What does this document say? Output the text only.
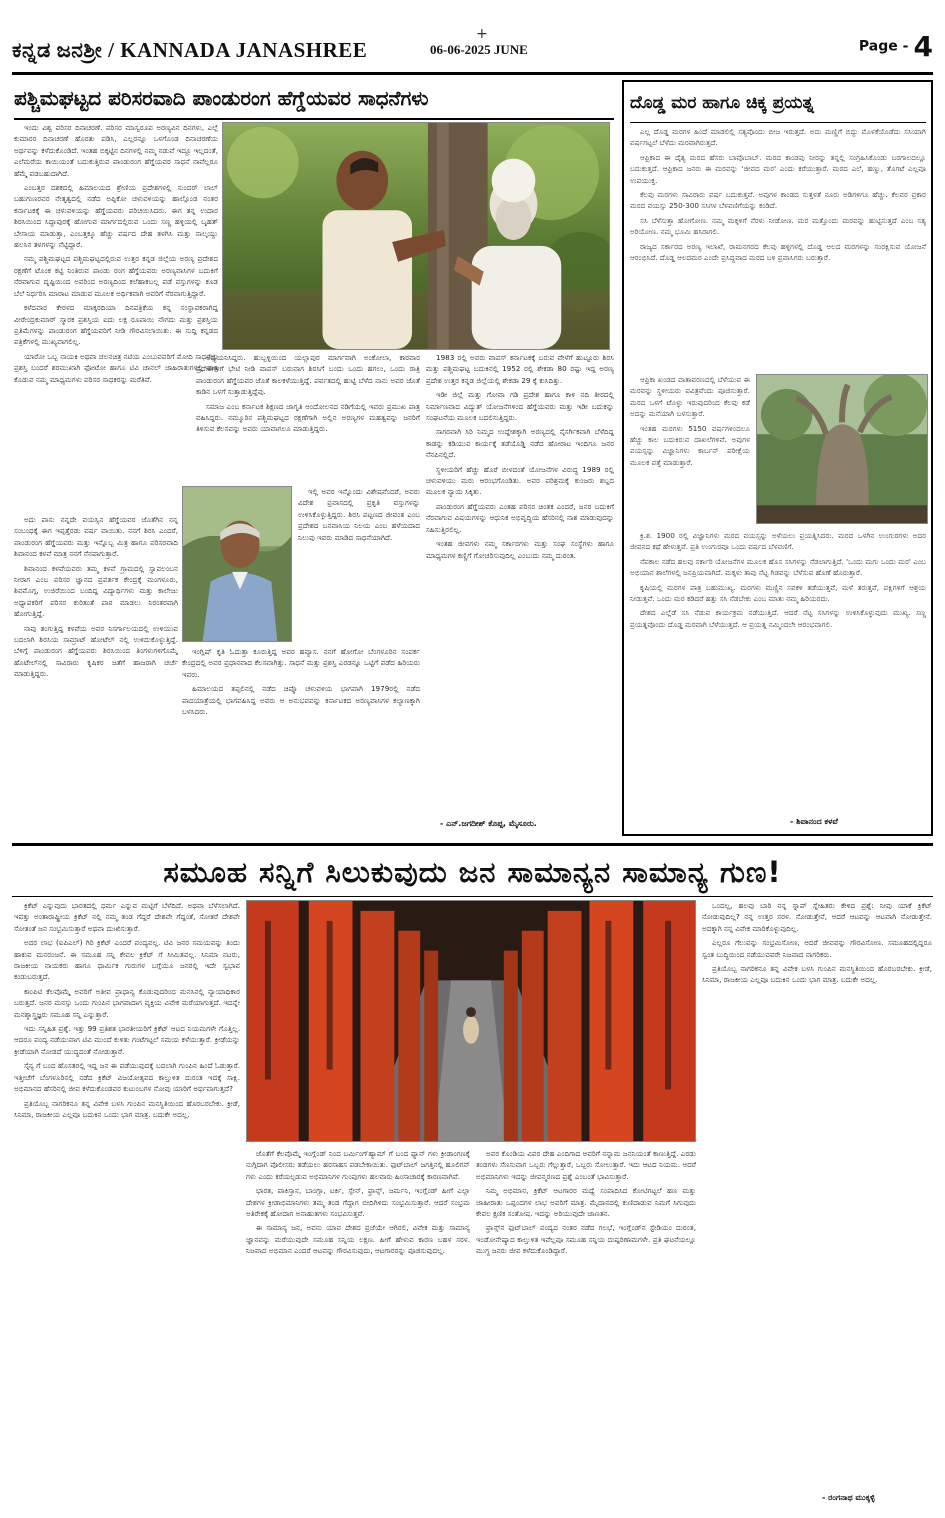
ಕನ್ನಡ ಜನಶ್ರೀ / KANNADA JANASHREE
+
06-06-2025 JUNE	Page - 4
ಪಶ್ಚಿಮಘಟ್ಟದ ಪರಿಸರವಾದಿ ಪಾಂಡುರಂಗ ಹೆಗ್ಡೆಯವರ ಸಾಧನೆಗಳು

ಇಂದು ವಿಶ್ವ ಪರಿಸರ ದಿನಾಚರಣೆ. ಪರಿಸರ ಮಾಸ್ವರೂಪ ಅರಣ್ಯವಿನ ದಿನಗಳು, ಎಲ್ಲೆ ಕುಮಾರರ ದಿನಾಚರಣೆ ಹೊರತು ಪಡಿಸಿ, ಎಲ್ಲರನ್ನೂ ಒಳಗೊಂಡ ದಿನಾಚರಣೆಯ ಅರ್ಥವನ್ನು ಕಳೆದುಕೊಂಡಿದೆ. ಇಂತಹ ಬಿಕ್ಕಟ್ಟಿನ ದಿನಗಳಲ್ಲಿ ನಮ್ಮ ನಡುವೆ ಇದ್ದೂ ಇಲ್ಲದಂತೆ, ಎಲೆಮರೆಯ ಕಾಯಿಯಂತೆ ಬದುಕುತ್ತಿರುವ ಪಾಂಡುರಂಗ ಹೆಗ್ಡೆಯವರ ಸಾಧನೆ ನಾವೆಲ್ಲರೂ ಹೆಮ್ಮೆ ಪಡಬಹುದಾಗಿದೆ.

ಎಂಬತ್ತರ ದಶಕದಲ್ಲಿ ಹಿಮಾಲಯದ ಶ್ರೇಣಿಯ ಪ್ರದೇಶಗಳಲ್ಲಿ ಸುಂದರ್ ಲಾಲ್ ಬಹುಗುಣರವರ ನೇತೃತ್ವದಲ್ಲಿ ನಡೆದ ಅಪ್ಪಿಕೋ ಚಳುವಳಿಯನ್ನು ಹಾಲ್ಗೊಂಡ ನಂತರ ಕರ್ನಾಟಕಕ್ಕೆ ಈ ಚಳುವಳಿಯನ್ನು ಹೆಗ್ಡೆಯವರು ಪರಿಚಯಿಸಿದರು. ಈಗ ತನ್ನ ಉದಾರ ಶಿರಸಿಯಿಂದ ಸಿದ್ದಾಪುರಕ್ಕೆ ಹೋಗುವ ಮಾರ್ಗದಲ್ಲಿರುವ ಒಂದು ಸಣ್ಣ ಹಳ್ಳಿಯಲ್ಲಿ ಬೃಹತ್ ಬೇಸಾಯ ಮಾಡುತ್ತಾ, ಎಂಬತ್ತಕ್ಕೂ ಹೆಚ್ಚು ವರ್ಷದ ದೇಹ ತಳಗಿಸಿ ಮತ್ತು ನಾಲ್ಕಯ್ದು ಹಲಸಿನ ತಳಗಳನ್ನು ನೆಟ್ಟಿದ್ದಾರೆ.

ನಮ್ಮ ಪಶ್ಚಿಮಘಟ್ಟದ ಪಶ್ಚಿಮಘಟ್ಟದಲ್ಲಿರುವ ಉತ್ತರ ಕನ್ನಡ ಜಿಲ್ಲೆಯ ಅರಣ್ಯ ಪ್ರದೇಶದ ರಕ್ಷಣೆಗೆ ಟೊಂಕ ಕಟ್ಟಿ ನಿಂತಿರುವ ಪಾಂಡು ರಂಗ ಹೆಗ್ಡೆಯವರು ಅರಣ್ಯವಾಸಿಗಳ ಬದುಕಿಗೆ ನೆರವಾಗುವ ದೃಷ್ಟಿಯಿಂದ ಅವರಿಂದ ಅರಣ್ಯದಿಂದ ಕಲೆಹಾಕಬಲ್ಲ ಪಡೆ ವಸ್ತುಗಳನ್ನು ಕೂಡ ಬೆಲೆ ನಿರ್ಧರಿಸಿ ಮಾರಾಟ ಮಾಡುವ ಮೂಲಕ ಅರ್ಥಿಕವಾಗಿ ಅವರಿಗೆ ನೆರವಾಗುತ್ತಿದ್ದಾರೆ.

ಕಳೆದವಾರ ಕೇರಳದ ಮಾಕ್ಕರದಿಯಾ ದಿನಪತ್ರಿಕೆಯ ಕನ್ನ ಸಂಸ್ಥಾಪಕರಾಗಿದ್ದ ವೀರೇಂದ್ರಕುಮಾರ್ ಸ್ಮಾರಕ ಪ್ರಶಸ್ತಿಯ ಐದು ಲಕ್ಷ ರೂಪಾಯಿ ನೌಗದು ಮತ್ತು ಪ್ರಶಸ್ತಿಯ ಪ್ರತಿಮೆಗಳನ್ನು ಪಾಂಡುರಂಗ ಹೆಗ್ಡೆಯವರಿಗೆ ನೀಡಿ ಗೌರವಿಸಲಾಯಿತು. ಈ ಸುದ್ದಿ ಕನ್ನಡದ ಪತ್ರಿಕೆಗಳಲ್ಲಿ ಮುಖ್ಯವಾಗಲಿಲ್ಲ.

ಯಾರೋ ಒಬ್ಬ ನಾಯಕಿ ಅಥವಾ ಚಲನಚಿತ್ರ ನಟಿಯ ಎಂಬುವವರಿಗೆ ಮೋದಿ ಸಾಧನೆಯ ಪ್ರಶಸ್ತಿ ಬಂದರೆ ಶರಮುಖಾಗಿ ಫೋಟೋ ಹಾಗೂ ಟಿವಿ ಚಾನಲ್ ಜಾಹಿರಾತುಗಳಲ್ಲಿ ಪಾತ್ರ ಕೊಡುವ ನಮ್ಮ ಮಾಧ್ಯಮಗಳು ಪರಿಸರ ಸಾಧಕರನ್ನು ಮರೆತಿವೆ.

ಅದು ಪಾಸು ನನ್ನದೇ ವಯಸ್ಸಿನ ಹೆಗ್ಡೆಯವರ ಜೊತೆಗಿನ ನನ್ನ ಸಂಬಂಧಕ್ಕೆ ಈಗ ಇಪ್ಪತ್ತೆರಡು ವರ್ಷ ವಾಯಿತು. ನನಗೆ ಶಿರಸಿ ಎಂದರೆ, ಪಾಂಡುರಂಗ ಹೆಗ್ಡೆಯವರು ಮತ್ತು ಇನ್ನೊಬ್ಬ ಮಿತ್ರ ಹಾಗೂ ಪರಿಸರವಾದಿ ಶಿವಾನಂದ ಕಳವೆ ಮಾತ್ರ ನನಗೆ ನೆನಪಾಗುತ್ತಾರೆ.

ಶಿವಾನಂದ ಕಳವೆಯವರು ತಮ್ಮ ಕಳವೆ ಗ್ರಾಮದಲ್ಲಿ ಸ್ವಾವಲಂಬನ ನೀರಾಗ ಎಂಬ ಪರಿಸರ ಜ್ಞಾನದ ಪ್ರವರ್ತಕ ಕೇಂದ್ರಕ್ಕೆ ಮಂಗಳೂರು, ಶಿವಮೊಗ್ಗ, ಉಜಿರೆಯಿಂದ ಬಂದಿದ್ದ ವಿದ್ಯಾರ್ಥಿಗಳು ಮತ್ತು ಕಾಲೇಜು ಅಧ್ಯಾಪಕರಿಗೆ ಪರಿಸರ ಕುರಿತಂತೆ ಪಾಠ ಮಾಡಲು ನಿರಂತರವಾಗಿ ಹೋಗುತ್ತಿದ್ದೆ.

ನಾವು ತಂಗುತ್ತಿದ್ದ ಕಳವೆಯ ಅವರ ನಿಸರ್ಗಾಲಯದಲ್ಲಿ ಉಳಿಯುವ ಬದಲಾಗಿ ಶಿರಸಿಯ ಸಾಮ್ರಾಟ್ ಹೋಟೆಲ್ ನಲ್ಲಿ ಉಳಿದುಕೊಳ್ಳುತ್ತಿದ್ದೆ. ಬೆಳಿಗ್ಗೆ ಪಾಂಡುರಂಗ ಹೆಗ್ಡೆಯವರು ಶಿರಸಿಯಿಂದ ತಿಂಗಳುಗಳಿಗೊಮ್ಮೆ ಹೊಟೇಲ್‌ನಲ್ಲಿ ಸಾವಿರಾರು ಕೃಷಿಕರ ಜತೆಗೆ ಹಾಜರಾಗಿ ಚರ್ಚೆ ಮಾಡುತ್ತಿದ್ದರು.

ಅಧ್ಯಯನಿಸಿದ್ದರು. ಹುಬ್ಬಳ್ಳಿಯಿಂದ ಯಲ್ಲಾಪುರ ಮಾರ್ಗವಾಗಿ ಅಂಕೋಲಾ, ಕಾರವಾರ ಪ್ರದೇಶಗಳಿಗೆ ಭೇಟಿ ನೀಡಿ ವಾಪಸ್ ಬರುವಾಗ ಶಿರಸಿಗೆ ಬಂದು ಒಂದು ಹಗಲು, ಒಂದು ರಾತ್ರಿ ಪಾಂಡುರಂಗ ಹೆಗ್ಡೆಯವರ ಜೊತೆ ಕಾಲಕಳೆಯುತ್ತಿದ್ದೆ. ಪರ್ವತದಲ್ಲಿ ಹುಟ್ಟಿ ಬೆಳೆದ ನಾನು ಅವರ ಜೊತೆ ಕಾಡಿನ ಒಳಗೆ ಸುತ್ತಾಡುತ್ತಿದ್ದೆವು.

ಸಮಾಜ ಎಂಬ ಕರ್ನಾಟಕ ಶಿಕ್ಷಣದ ಜಾಗೃತಿ ಆಂದೋಲನದ ನಡಿಗೆಯಲ್ಲಿ ಇವರು ಪ್ರಮುಖ ಪಾತ್ರ ವಹಿಸಿದ್ದರು. ನಮ್ಮೂರಿನ ಪಶ್ಚಿಮಘಟ್ಟದ ರಕ್ಷಣೆಗಾಗಿ ಅಲ್ಲಿನ ಅರಣ್ಯಗಳ ಮಹತ್ವವನ್ನು ಜನರಿಗೆ ತಿಳಿಸುವ ಕೆಲಸವನ್ನು ಅವರು ಯಾವಾಗಲೂ ಮಾಡುತ್ತಿದ್ದರು.

ಇಲ್ಲಿ ಅವರ ಇನ್ನೊಂದು ವಿಶೇಷವೆಂದರೆ, ಅವರು ವಿದೇಶ ಪ್ರವಾಸದಲ್ಲಿ ಪ್ರಕೃತಿ ವಸ್ತುಗಳನ್ನು ಉಳಿಸಿಕೊಳ್ಳುತ್ತಿದ್ದರು. ಶಿರಸಿ ಪಟ್ಟಣದ ಜೀವಂತ ಎಂಬ ಪ್ರದೇಶದ ಬನವಾಸಿಯ ನಿಲಯ ಎಂಬ ಹಳೆಯದಾದ ನಿಲುವು ಇವರು ಮಾಡಿದ ಸಾಧನೆಯಾಗಿದೆ.

ಇಂಗ್ಲಿಷ್ ಕೃತಿ ಓದುತ್ತಾ ಕೂರುತ್ತಿದ್ದ ಅವರ ಹವ್ಯಾಸ. ನನಗೆ ಹೋಗೋ ಬೆಂಗಳೂರಿನ ಸಂಪರ್ಕ ಕೇಂದ್ರದಲ್ಲಿ ಅವರ ಪ್ರಧಾನವಾದ ಕೆಲಸವಾಗಿತ್ತು. ಸಾಧನೆ ಮತ್ತು ಪ್ರಶಸ್ತಿ ಎರಡನ್ನೂ ಒಟ್ಟಿಗೆ ಪಡೆದ ಹಿರಿಯರು ಇವರು.

ಹಿಮಾಲಯದ ತಪ್ಪಲಿನಲ್ಲಿ ನಡೆದ ಚಿಪ್ಕೊ ಚಳುವಳಿಯ ಭಾಗವಾಗಿ 1979ರಲ್ಲಿ ನಡೆದ ಪಾದಯಾತ್ರೆಯಲ್ಲಿ ಭಾಗವಹಿಸಿದ್ದ ಅವರು ಆ ಅನುಭವವನ್ನು ಕರ್ನಾಟಕದ ಅರಣ್ಯವಾಸಿಗಳ ಕಲ್ಯಾಣಕ್ಕಾಗಿ ಬಳಸಿದರು.

1983 ರಲ್ಲಿ ಅವರು ವಾಪಸ್ ಕರ್ನಾಟಕಕ್ಕೆ ಬರುವ ವೇಳೆಗೆ ಹುಟ್ಟೂರು ಶಿರಸಿ ಮತ್ತು ಪಶ್ಚಿಮಘಟ್ಟ ಬದುಕಿನಲ್ಲಿ 1952 ರಲ್ಲಿ ಶೇಕಡಾ 80 ರಷ್ಟು ಇದ್ದ ಅರಣ್ಯ ಪ್ರದೇಶ ಉತ್ತರ ಕನ್ನಡ ಜಿಲ್ಲೆಯಲ್ಲಿ ಶೇಕಡಾ 29 ಕ್ಕೆ ಕುಸಿದಿತ್ತು.

ಇಡೀ ಜಿಲ್ಲೆ ಮತ್ತು ಗೋವಾ ಗಡಿ ಪ್ರದೇಶ ಹಾಗೂ ಕಾಳಿ ನದಿ ತೀರದಲ್ಲಿ ನಿರ್ಮಾಣವಾದ ವಿದ್ಯುತ್ ಯೋಜನೆಗಳಿಂದ ಹೆಗ್ಡೆಯವರು ಮತ್ತು ಇಡೀ ಬದುಕನ್ನು ಸಂಘಟನೆಯ ಮೂಲಕ ಬದಲಿಸುತ್ತಿದ್ದರು.

ಸಾಗರವಾಗಿ ಸಿರಿ ನಿಮ್ಮದ ಉದ್ದೇಶಕ್ಕಾಗಿ ಅರಣ್ಯದಲ್ಲಿ ನೈಸರ್ಗಿಕವಾಗಿ ಬೆಳೆದಿದ್ದ ಕಾಡನ್ನು ಕಡಿಯುವ ಕಾರ್ಯಕ್ಕೆ ತಡೆಯೊಡ್ಡಿ ನಡೆದ ಹೋರಾಟ ಇಂದಿಗೂ ಜನರ ನೆನಪಿನಲ್ಲಿದೆ.

ಸ್ಥಳೀಯರಿಗೆ ಹೆಚ್ಚು ಹೊರೆ ಬೀಳದಂತೆ ಯೋಜನೆಗಳ ವಿರುದ್ಧ 1989 ರಲ್ಲಿ ಚಳುವಳಿಯು ಮರು ಆರಂಭಗೊಂಡಿತು. ಅವರ ಪರಿಶ್ರಮಕ್ಕೆ ಕುಂಜರು ಶಬ್ದದ ಮೂಲಕ ನ್ಯಾಯ ಸಿಕ್ಕಿತು.

ಪಾಂಡುರಂಗ ಹೆಗ್ಡೆಯವರು ಎಂತಹ ಪರಿಸರ ಚಿಂತಕ ಎಂದರೆ, ಜನರ ಬದುಕಿಗೆ ನೆರವಾಗುವ ವಿಷಯಗಳನ್ನು ಆಧುನಿಕ ಅಭಿವೃದ್ಧಿಯ ಹೆಸರಿನಲ್ಲಿ ನಾಶ ಮಾಡುವುದನ್ನು ಸಹಿಸುತ್ತಿರಲಿಲ್ಲ.

ಇಂತಹ ಜೀವಗಳು ನಮ್ಮ ಸರ್ಕಾರಗಳು ಮತ್ತು ಸಂಘ ಸಂಸ್ಥೆಗಳು ಹಾಗೂ ಮಾಧ್ಯಮಗಳ ಕಣ್ಣಿಗೆ ಗೋಚರಿಸುವುದಿಲ್ಲ ಎಂಬುದು ನಮ್ಮ ದುರಂತ.

- ಎನ್.ಜಗದೀಶ್ ಕೊಪ್ಪ, ಮೈಸೂರು.
ದೊಡ್ಡ ಮರ ಹಾಗೂ ಚಿಕ್ಕ ಪ್ರಯತ್ನ

ಎಲ್ಲ ದೊಡ್ಡ ಮರಗಳ ಹಿಂದೆ ಮಾಡಲಿಲ್ಲಿ ಸತ್ಯವೊಂದು ಬೀಜ ಇರುತ್ತದೆ. ಅದು ಮಣ್ಣಿಗೆ ಬಿದ್ದು ಮೊಳಕೆಯೊಡೆದು ಸಸಿಯಾಗಿ ವರ್ಷಗಟ್ಟಲೆ ಬೆಳೆದು ಮರವಾಗಿರುತ್ತದೆ.

ಆಫ್ರಿಕಾದ ಈ ದೈತ್ಯ ಮರದ ಹೆಸರು ಬಾವೊಬಾಬ್. ಮರದ ಕಾಂಡವು ನೀರನ್ನು ತನ್ನಲ್ಲಿ ಸಂಗ್ರಹಿಸಿಕೊಂಡು ಬರಗಾಲದಲ್ಲೂ ಬದುಕುತ್ತದೆ. ಆಫ್ರಿಕಾದ ಜನರು ಈ ಮರವನ್ನು 'ಜೀವದ ಮರ' ಎಂದು ಕರೆಯುತ್ತಾರೆ. ಮರದ ಎಲೆ, ಹಣ್ಣು, ತೊಗಟೆ ಎಲ್ಲವೂ ಉಪಯುಕ್ತ.

ಕೆಲವು ಮರಗಳು ಸಾವಿರಾರು ವರ್ಷ ಬದುಕುತ್ತವೆ. ಅವುಗಳ ಕಾಂಡದ ಸುತ್ತಳತೆ ನೂರು ಅಡಿಗಳಿಗೂ ಹೆಚ್ಚು. ಕೆಲವರ ಪ್ರಕಾರ ಮರದ ವಯಸ್ಸು 250-300 ಸಸಿಗಳ ಬೆಳವಣಿಗೆಯನ್ನು ಕಂಡಿದೆ.

ಸಸಿ ಬೆಳೆಸುತ್ತಾ ಹೋಗೋಣ. ನಮ್ಮ ಮಕ್ಕಳಿಗೆ ನೆರಳು ನೀಡೋಣ. ಮರ ಮತ್ತೊಂದು ಮರವನ್ನು ಹುಟ್ಟಿಸುತ್ತದೆ ಎಂಬ ಸತ್ಯ ಅರಿಯೋಣ. ನಮ್ಮ ಭೂಮಿ ಹಸಿರಾಗಲಿ.

ರಾಜ್ಯದ ಸರ್ಕಾರದ ಅರಣ್ಯ ಇಲಾಖೆ, ರಾಮನಗರದ ಕೆಲವು ಹಳ್ಳಿಗಳಲ್ಲಿ ದೊಡ್ಡ ಆಲದ ಮರಗಳನ್ನು ಸಂರಕ್ಷಿಸುವ ಯೋಜನೆ ಆರಂಭಿಸಿದೆ. ದೊಡ್ಡ ಆಲದಮರ ಎಂದೇ ಪ್ರಸಿದ್ಧವಾದ ಮರದ ಬಳಿ ಪ್ರವಾಸಿಗರು ಬರುತ್ತಾರೆ.

ಆಫ್ರಿಕಾ ಖಂಡದ ವಾತಾವರಣದಲ್ಲಿ ಬೆಳೆಯುವ ಈ ಮರವನ್ನು ಸ್ಥಳೀಯರು ಪವಿತ್ರವೆಂದು ಪೂಜಿಸುತ್ತಾರೆ. ಮರದ ಒಳಗೆ ಟೊಳ್ಳು ಇರುವುದರಿಂದ ಕೆಲವು ಕಡೆ ಅದನ್ನು ಮನೆಯಾಗಿ ಬಳಸುತ್ತಾರೆ.

ಇಂತಹ ಮರಗಳು 5150 ವರ್ಷಗಳಿಂದಲೂ ಹೆಚ್ಚು ಕಾಲ ಬದುಕಿರುವ ದಾಖಲೆಗಳಿವೆ. ಅವುಗಳ ವಯಸ್ಸನ್ನು ವಿಜ್ಞಾನಿಗಳು ಕಾರ್ಬನ್ ಪರೀಕ್ಷೆಯ ಮೂಲಕ ಪತ್ತೆ ಮಾಡುತ್ತಾರೆ.

ಕ್ರಿ.ಶ. 1900 ರಲ್ಲಿ ವಿಜ್ಞಾನಿಗಳು ಮರದ ವಯಸ್ಸನ್ನು ಅಳೆಯಲು ಪ್ರಯತ್ನಿಸಿದರು. ಮರದ ಒಳಗಿನ ಉಂಗುರಗಳು ಅದರ ಜೀವನದ ಕಥೆ ಹೇಳುತ್ತವೆ. ಪ್ರತಿ ಉಂಗುರವೂ ಒಂದು ವರ್ಷದ ಬೆಳವಣಿಗೆ.

ನೆಪಕಾಲ ನಡೆದ ಹಲವು ಸರ್ಕಾರಿ ಯೋಜನೆಗಳ ಮೂಲಕ ಹೊಸ ಸಸಿಗಳನ್ನು ನೆಡಲಾಗುತ್ತಿದೆ. 'ಒಂದು ಮಗು ಒಂದು ಮರ' ಎಂಬ ಅಭಿಯಾನ ಶಾಲೆಗಳಲ್ಲಿ ಜನಪ್ರಿಯವಾಗಿದೆ. ಮಕ್ಕಳು ತಾವು ನೆಟ್ಟ ಗಿಡವನ್ನು ಬೆಳೆಸುವ ಹೊಣೆ ಹೊರುತ್ತಾರೆ.

ಕೃಷಿಯಲ್ಲಿ ಮರಗಳ ಪಾತ್ರ ಬಹುಮುಖ್ಯ. ಮರಗಳು ಮಣ್ಣಿನ ಸವಕಳಿ ತಡೆಯುತ್ತವೆ, ಮಳೆ ತರುತ್ತವೆ, ಪಕ್ಷಿಗಳಿಗೆ ಆಶ್ರಯ ನೀಡುತ್ತವೆ. ಒಂದು ಮರ ಕಡಿದರೆ ಹತ್ತು ಸಸಿ ನೆಡಬೇಕು ಎಂಬ ಮಾತು ನಮ್ಮ ಹಿರಿಯರದು.

ದೇಶದ ಎಲ್ಲೆಡೆ ಸಸಿ ನೆಡುವ ಕಾರ್ಯಕ್ರಮ ನಡೆಯುತ್ತಿದೆ. ಆದರೆ ನೆಟ್ಟ ಸಸಿಗಳನ್ನು ಉಳಿಸಿಕೊಳ್ಳುವುದು ಮುಖ್ಯ. ಸಣ್ಣ ಪ್ರಯತ್ನವೊಂದು ದೊಡ್ಡ ಮರವಾಗಿ ಬೆಳೆಯುತ್ತದೆ. ಆ ಪ್ರಯತ್ನ ನಮ್ಮಿಂದಲೇ ಆರಂಭವಾಗಲಿ.

- ಶಿವಾನಂದ ಕಳವೆ
ಸಮೂಹ ಸನ್ನಿಗೆ ಸಿಲುಕುವುದು ಜನ ಸಾಮಾನ್ಯನ ಸಾಮಾನ್ಯ ಗುಣ!

ಕ್ರಿಕೆಟ್ ಎನ್ನುವುದು ಭಾರತದಲ್ಲಿ ಧರ್ಮ ಎನ್ನುವ ಮಟ್ಟಿಗೆ ಬೆಳೆದಿದೆ. ಅಥವಾ ಬೆಳೆಸಲಾಗಿದೆ. ಇವತ್ತು ಅಂತಾರಾಷ್ಟ್ರೀಯ ಕ್ರಿಕೆಟ್ ನಲ್ಲಿ ನಮ್ಮ ತಂಡ ಗೆದ್ದರೆ ದೇಶವೇ ಗೆದ್ದಂತೆ, ಸೋತರೆ ದೇಶವೇ ಸೋತಂತೆ ಜನ ಸಂಭ್ರಮಿಸುತ್ತಾರೆ ಅಥವಾ ದುಃಖಿಸುತ್ತಾರೆ.

ಅದರ ಲಾಭ (ಐಪಿಎಲ್) ಗಿರಿ ಕ್ರಿಕೆಟ್ ಎಂದರೆ ಪಂದ್ಯವಲ್ಲ. ಟಿವಿ ಜನರ ಸಮಯವನ್ನು ತಿಂದು ಹಾಕುವ ಮನರಂಜನೆ. ಈ ಸಮೂಹ ಸನ್ನಿ ಕೇವಲ ಕ್ರಿಕೆಟ್ ಗೆ ಸೀಮಿತವಲ್ಲ. ಸಿನಿಮಾ ನಟರು, ರಾಜಕೀಯ ನಾಯಕರು ಹಾಗೂ ಧಾರ್ಮಿಕ ಗುರುಗಳ ಬಗ್ಗೆಯೂ ಜನರಲ್ಲಿ ಇದೇ ಸ್ವಭಾವ ಕಂಡುಬರುತ್ತದೆ.

ಕಾಂಪಿಟಿ ಕೆಲವೊಮ್ಮೆ ಅವರಿಗೆ ಅತೀವ ಪ್ರಾಧಾನ್ಯ ಕೊಡುವುದರಿಂದ ಮನಸಿನಲ್ಲಿ ನ್ಯಾಯಾಧಿಕಾರ ಬರುತ್ತದೆ. ಜನರ ಮನಸ್ಸು ಒಂದು ಗುಂಪಿನ ಭಾಗವಾದಾಗ ವ್ಯಕ್ತಿಯ ವಿವೇಕ ಮರೆಯಾಗುತ್ತದೆ. ಇದನ್ನೇ ಮನಶ್ಶಾಸ್ತ್ರಜ್ಞರು ಸಮೂಹ ಸನ್ನಿ ಎನ್ನುತ್ತಾರೆ.

ಇದು ಸನ್ನಿಹಿತ ಪ್ರಶ್ನೆ. ಇತ್ತು 99 ಪ್ರತಿಶತ ಭಾರತೀಯರಿಗೆ ಕ್ರಿಕೆಟ್ ಆಟದ ನಿಯಮಗಳೇ ಗೊತ್ತಿಲ್ಲ. ಆದರೂ ಪಂದ್ಯ ನಡೆಯುವಾಗ ಟಿವಿ ಮುಂದೆ ಕುಳಿತು ಗಂಟೆಗಟ್ಟಲೆ ಸಮಯ ಕಳೆಯುತ್ತಾರೆ. ಕ್ರೀಡೆಯನ್ನು ಕ್ರೀಡೆಯಾಗಿ ನೋಡದೆ ಯುದ್ಧದಂತೆ ನೋಡುತ್ತಾರೆ.

ಸೈನ್ಯ ಗೆ ಬಂದ ಹೊಸತರಲ್ಲಿ ಇದ್ದ ಜನ ಈ ಪಡೆಯುವುದಕ್ಕೆ ಬದಲಾಗಿ ಗುಂಪಿನ ಹಿಂದೆ ಓಡುತ್ತಾರೆ. ಇತ್ತೀಚೆಗೆ ಬೆಂಗಳೂರಿನಲ್ಲಿ ನಡೆದ ಕ್ರಿಕೆಟ್ ವಿಜಯೋತ್ಸವದ ಕಾಲ್ತುಳಿತ ದುರಂತ ಇದಕ್ಕೆ ಸಾಕ್ಷಿ. ಅಭಿಮಾನದ ಹೆಸರಿನಲ್ಲಿ ಜೀವ ಕಳೆದುಕೊಂಡವರ ಕುಟುಂಬಗಳ ನೋವು ಯಾರಿಗೆ ಅರ್ಥವಾಗುತ್ತದೆ?

ಪ್ರತಿಯೊಬ್ಬ ನಾಗರಿಕನೂ ತನ್ನ ವಿವೇಕ ಬಳಸಿ ಗುಂಪಿನ ಮನಸ್ಥಿತಿಯಿಂದ ಹೊರಬರಬೇಕು. ಕ್ರೀಡೆ, ಸಿನಿಮಾ, ರಾಜಕೀಯ ಎಲ್ಲವೂ ಬದುಕಿನ ಒಂದು ಭಾಗ ಮಾತ್ರ. ಬದುಕೇ ಅದಲ್ಲ.

ಜೊತೆಗೆ ಕೆಲವೊಮ್ಮೆ ಇಂಗ್ಲೆಂಡ್ ನಿಂದ ಬರ್ಮಿಂಗ್‌ಹ್ಯಾಮ್ ಗೆ ಬಂದ ಫ್ಯಾನ್ ಗಳು ಕ್ರೀಡಾಂಗಣಕ್ಕೆ ನುಗ್ಗಿದಾಗ ಪೊಲೀಸರು ತಡೆಯಲು ಹರಸಾಹಸ ಪಡಬೇಕಾಯಿತು. ಫುಟ್‌ಬಾಲ್ ಜಗತ್ತಿನಲ್ಲಿ ಹೂಲಿಗನ್ ಗಳು ಎಂದು ಕರೆಯಲ್ಪಡುವ ಅಭಿಮಾನಿಗಳ ಗುಂಪುಗಳು ಹಲವಾರು ಹಿಂಸಾಚಾರಕ್ಕೆ ಕಾರಣವಾಗಿವೆ.

ಭಾರತ, ಪಾಕಿಸ್ತಾನ, ಬಾಂಗ್ಲಾ, ಟರ್ಕಿ, ಸ್ಪೇನ್, ಫ್ರಾನ್ಸ್, ಜರ್ಮನಿ, ಇಂಗ್ಲೆಂಡ್ ಹೀಗೆ ಎಲ್ಲಾ ದೇಶಗಳ ಕ್ರೀಡಾಭಿಮಾನಿಗಳು ತಮ್ಮ ತಂಡ ಗೆದ್ದಾಗ ಬೀದಿಗಿಳಿದು ಸಂಭ್ರಮಿಸುತ್ತಾರೆ. ಆದರೆ ಸಂಭ್ರಮ ಅತಿರೇಕಕ್ಕೆ ಹೋದಾಗ ಅನಾಹುತಗಳು ಸಂಭವಿಸುತ್ತವೆ.

ಈ ಸಾಮಾನ್ಯ ಜನ, ಅವನು ಯಾವ ದೇಶದ ಪ್ರಜೆಯೇ ಆಗಿರಲಿ, ವಿವೇಕ ಮತ್ತು ಸಾಮಾನ್ಯ ಜ್ಞಾನವನ್ನು ಮರೆಯುವುದೇ ಸಮೂಹ ಸನ್ನಿಯ ಲಕ್ಷಣ. ಹೀಗೆ ಹೇಳುವ ಕಾರಣ ಬಹಳ ಸರಳ. ನಿಜವಾದ ಅಭಿಮಾನ ಎಂದರೆ ಆಟವನ್ನು ಗೌರವಿಸುವುದು, ಆಟಗಾರರನ್ನು ಪೂಜಿಸುವುದಲ್ಲ.

ಅವರ ಕೊಂಡಿಯ ವಿವರ ದೇಹ ಎಂದಿಗಾದ ಅವರಿಗೆ ನನ್ನಾಮ ಜನನಿಯಂತೆ ಕಾಣುತ್ತಿದ್ದೆ. ಎರಡು ತಂಡಗಳು ಸೆಣಸುವಾಗ ಒಬ್ಬರು ಗೆಲ್ಲುತ್ತಾರೆ, ಒಬ್ಬರು ಸೋಲುತ್ತಾರೆ. ಇದು ಆಟದ ನಿಯಮ. ಆದರೆ ಅಭಿಮಾನಿಗಳು ಇದನ್ನು ಜೀವನ್ಮರಣದ ಪ್ರಶ್ನೆ ಎಂಬಂತೆ ಭಾವಿಸುತ್ತಾರೆ.

ನಿಮ್ಮ ಅಭಿಮಾನ, ಕ್ರಿಕೆಟ್ ಆಟಗಾರರ ಮಧ್ಯೆ ಸಂಪಾದಿಸಿದ ಕೋಟಿಗಟ್ಟಲೆ ಹಣ ಮತ್ತು ಜಾಹೀರಾತು ಒಪ್ಪಂದಗಳ ಲಾಭ ಅವರಿಗೆ ಮಾತ್ರ. ಮೈದಾನದಲ್ಲಿ ಕುಣಿದಾಡುವ ನಿಮಗೆ ಸಿಗುವುದು ಕೇವಲ ಕ್ಷಣಿಕ ಸಂತೋಷ. ಇದನ್ನು ಅರಿಯುವುದೇ ಜಾಣತನ.

ಫ್ರಾನ್ಸ್‌ನ ಫುಟ್‌ಬಾಲ್ ಪಂದ್ಯದ ನಂತರ ನಡೆದ ಗಲಭೆ, ಇಂಗ್ಲೆಂಡ್‌ನ ಸ್ಟೇಡಿಯಂ ದುರಂತ, ಇಂಡೋನೇಷ್ಯಾದ ಕಾಲ್ತುಳಿತ ಇವೆಲ್ಲವೂ ಸಮೂಹ ಸನ್ನಿಯ ದುಷ್ಪರಿಣಾಮಗಳೇ. ಪ್ರತಿ ಘಟನೆಯಲ್ಲೂ ಮುಗ್ಧ ಜನರು ಜೀವ ಕಳೆದುಕೊಂಡಿದ್ದಾರೆ.

ಒಂದಲ್ಲ, ಹಲವು ಬಾರಿ ನನ್ನ ಸ್ನಾಪ್ ಸ್ನೇಹಿತರು ಕೇಳಿದ ಪ್ರಶ್ನೆ: ನೀವು ಯಾಕೆ ಕ್ರಿಕೆಟ್ ನೋಡುವುದಿಲ್ಲ? ನನ್ನ ಉತ್ತರ ಸರಳ. ನೋಡುತ್ತೇನೆ, ಆದರೆ ಆಟವನ್ನು ಆಟವಾಗಿ ನೋಡುತ್ತೇನೆ. ಅದಕ್ಕಾಗಿ ನನ್ನ ವಿವೇಕ ಮಾರಿಕೊಳ್ಳುವುದಿಲ್ಲ.

ಎಲ್ಲರೂ ಗೆಲುವನ್ನು ಸಂಭ್ರಮಿಸೋಣ, ಆದರೆ ಜೀವವನ್ನು ಗೌರವಿಸೋಣ. ಸಮೂಹದಲ್ಲಿದ್ದರೂ ಸ್ವಂತ ಬುದ್ಧಿಯಿಂದ ನಡೆಯುವವರೇ ನಿಜವಾದ ನಾಗರಿಕರು.

ಪ್ರತಿಯೊಬ್ಬ ನಾಗರಿಕನೂ ತನ್ನ ವಿವೇಕ ಬಳಸಿ ಗುಂಪಿನ ಮನಸ್ಥಿತಿಯಿಂದ ಹೊರಬರಬೇಕು. ಕ್ರೀಡೆ, ಸಿನಿಮಾ, ರಾಜಕೀಯ ಎಲ್ಲವೂ ಬದುಕಿನ ಒಂದು ಭಾಗ ಮಾತ್ರ. ಬದುಕೇ ಅದಲ್ಲ.

- ರಂಗನಾಥ ಮುಕ್ಕಳ್ಳಿ
